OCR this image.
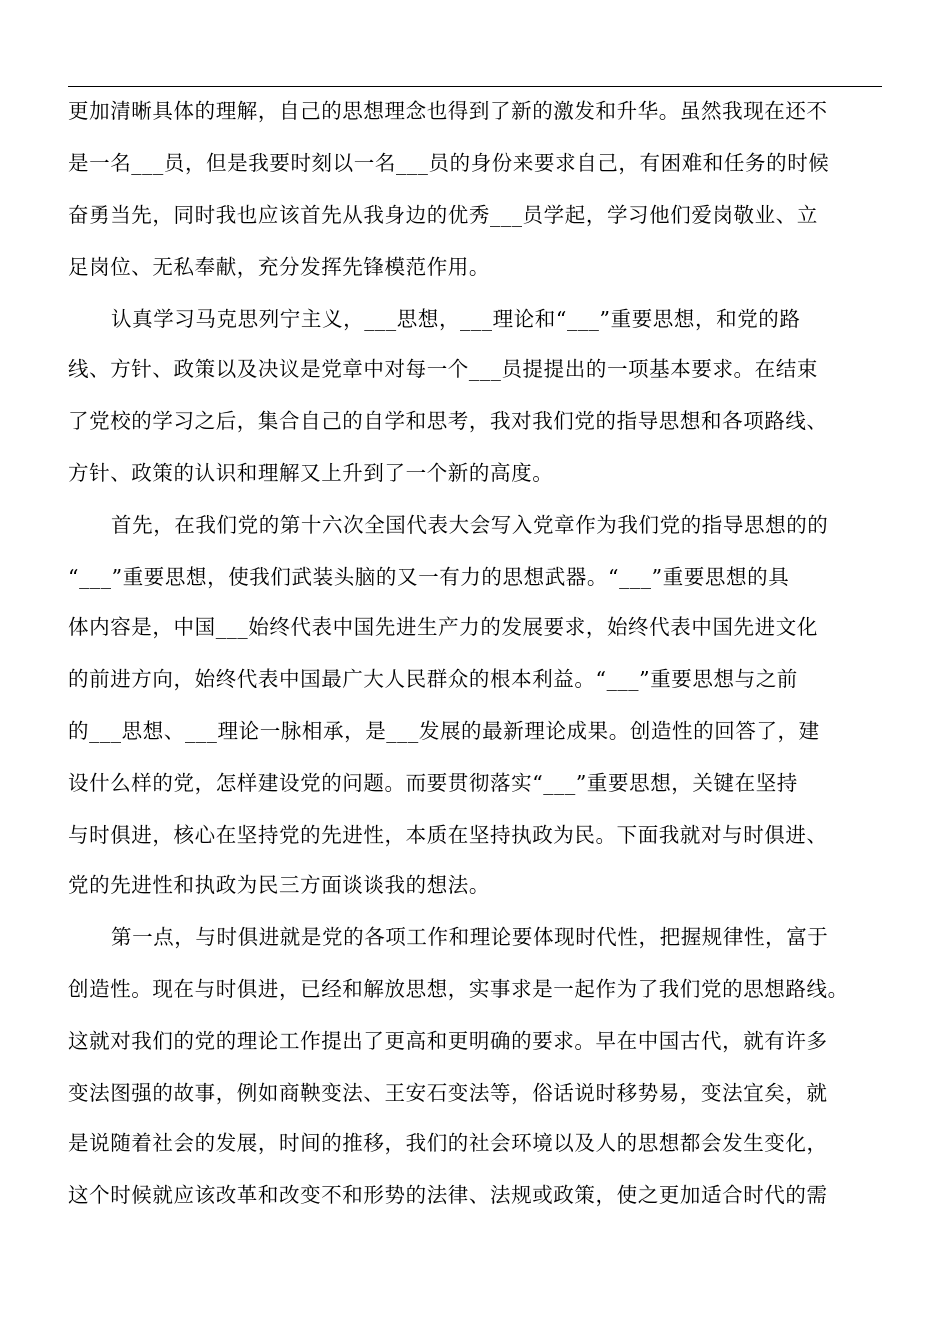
更加清晰具体的理解，自己的思想理念也得到了新的激发和升华。虽然我现在还不
是一名___员，但是我要时刻以一名___员的身份来要求自己，有困难和任务的时候
奋勇当先，同时我也应该首先从我身边的优秀___员学起，学习他们爱岗敬业、立
足岗位、无私奉献，充分发挥先锋模范作用。
认真学习马克思列宁主义，___思想，___理论和“___”重要思想，和党的路
线、方针、政策以及决议是党章中对每一个___员提提出的一项基本要求。在结束
了党校的学习之后，集合自己的自学和思考，我对我们党的指导思想和各项路线、
方针、政策的认识和理解又上升到了一个新的高度。
首先，在我们党的第十六次全国代表大会写入党章作为我们党的指导思想的的
“___”重要思想，使我们武装头脑的又一有力的思想武器。“___”重要思想的具
体内容是，中国___始终代表中国先进生产力的发展要求，始终代表中国先进文化
的前进方向，始终代表中国最广大人民群众的根本利益。“___”重要思想与之前
的___思想、___理论一脉相承，是___发展的最新理论成果。创造性的回答了，建
设什么样的党，怎样建设党的问题。而要贯彻落实“___”重要思想，关键在坚持
与时俱进，核心在坚持党的先进性，本质在坚持执政为民。下面我就对与时俱进、
党的先进性和执政为民三方面谈谈我的想法。
第一点，与时俱进就是党的各项工作和理论要体现时代性，把握规律性，富于
创造性。现在与时俱进，已经和解放思想，实事求是一起作为了我们党的思想路线。
这就对我们的党的理论工作提出了更高和更明确的要求。早在中国古代，就有许多
变法图强的故事，例如商鞅变法、王安石变法等，俗话说时移势易，变法宜矣，就
是说随着社会的发展，时间的推移，我们的社会环境以及人的思想都会发生变化，
这个时候就应该改革和改变不和形势的法律、法规或政策，使之更加适合时代的需
